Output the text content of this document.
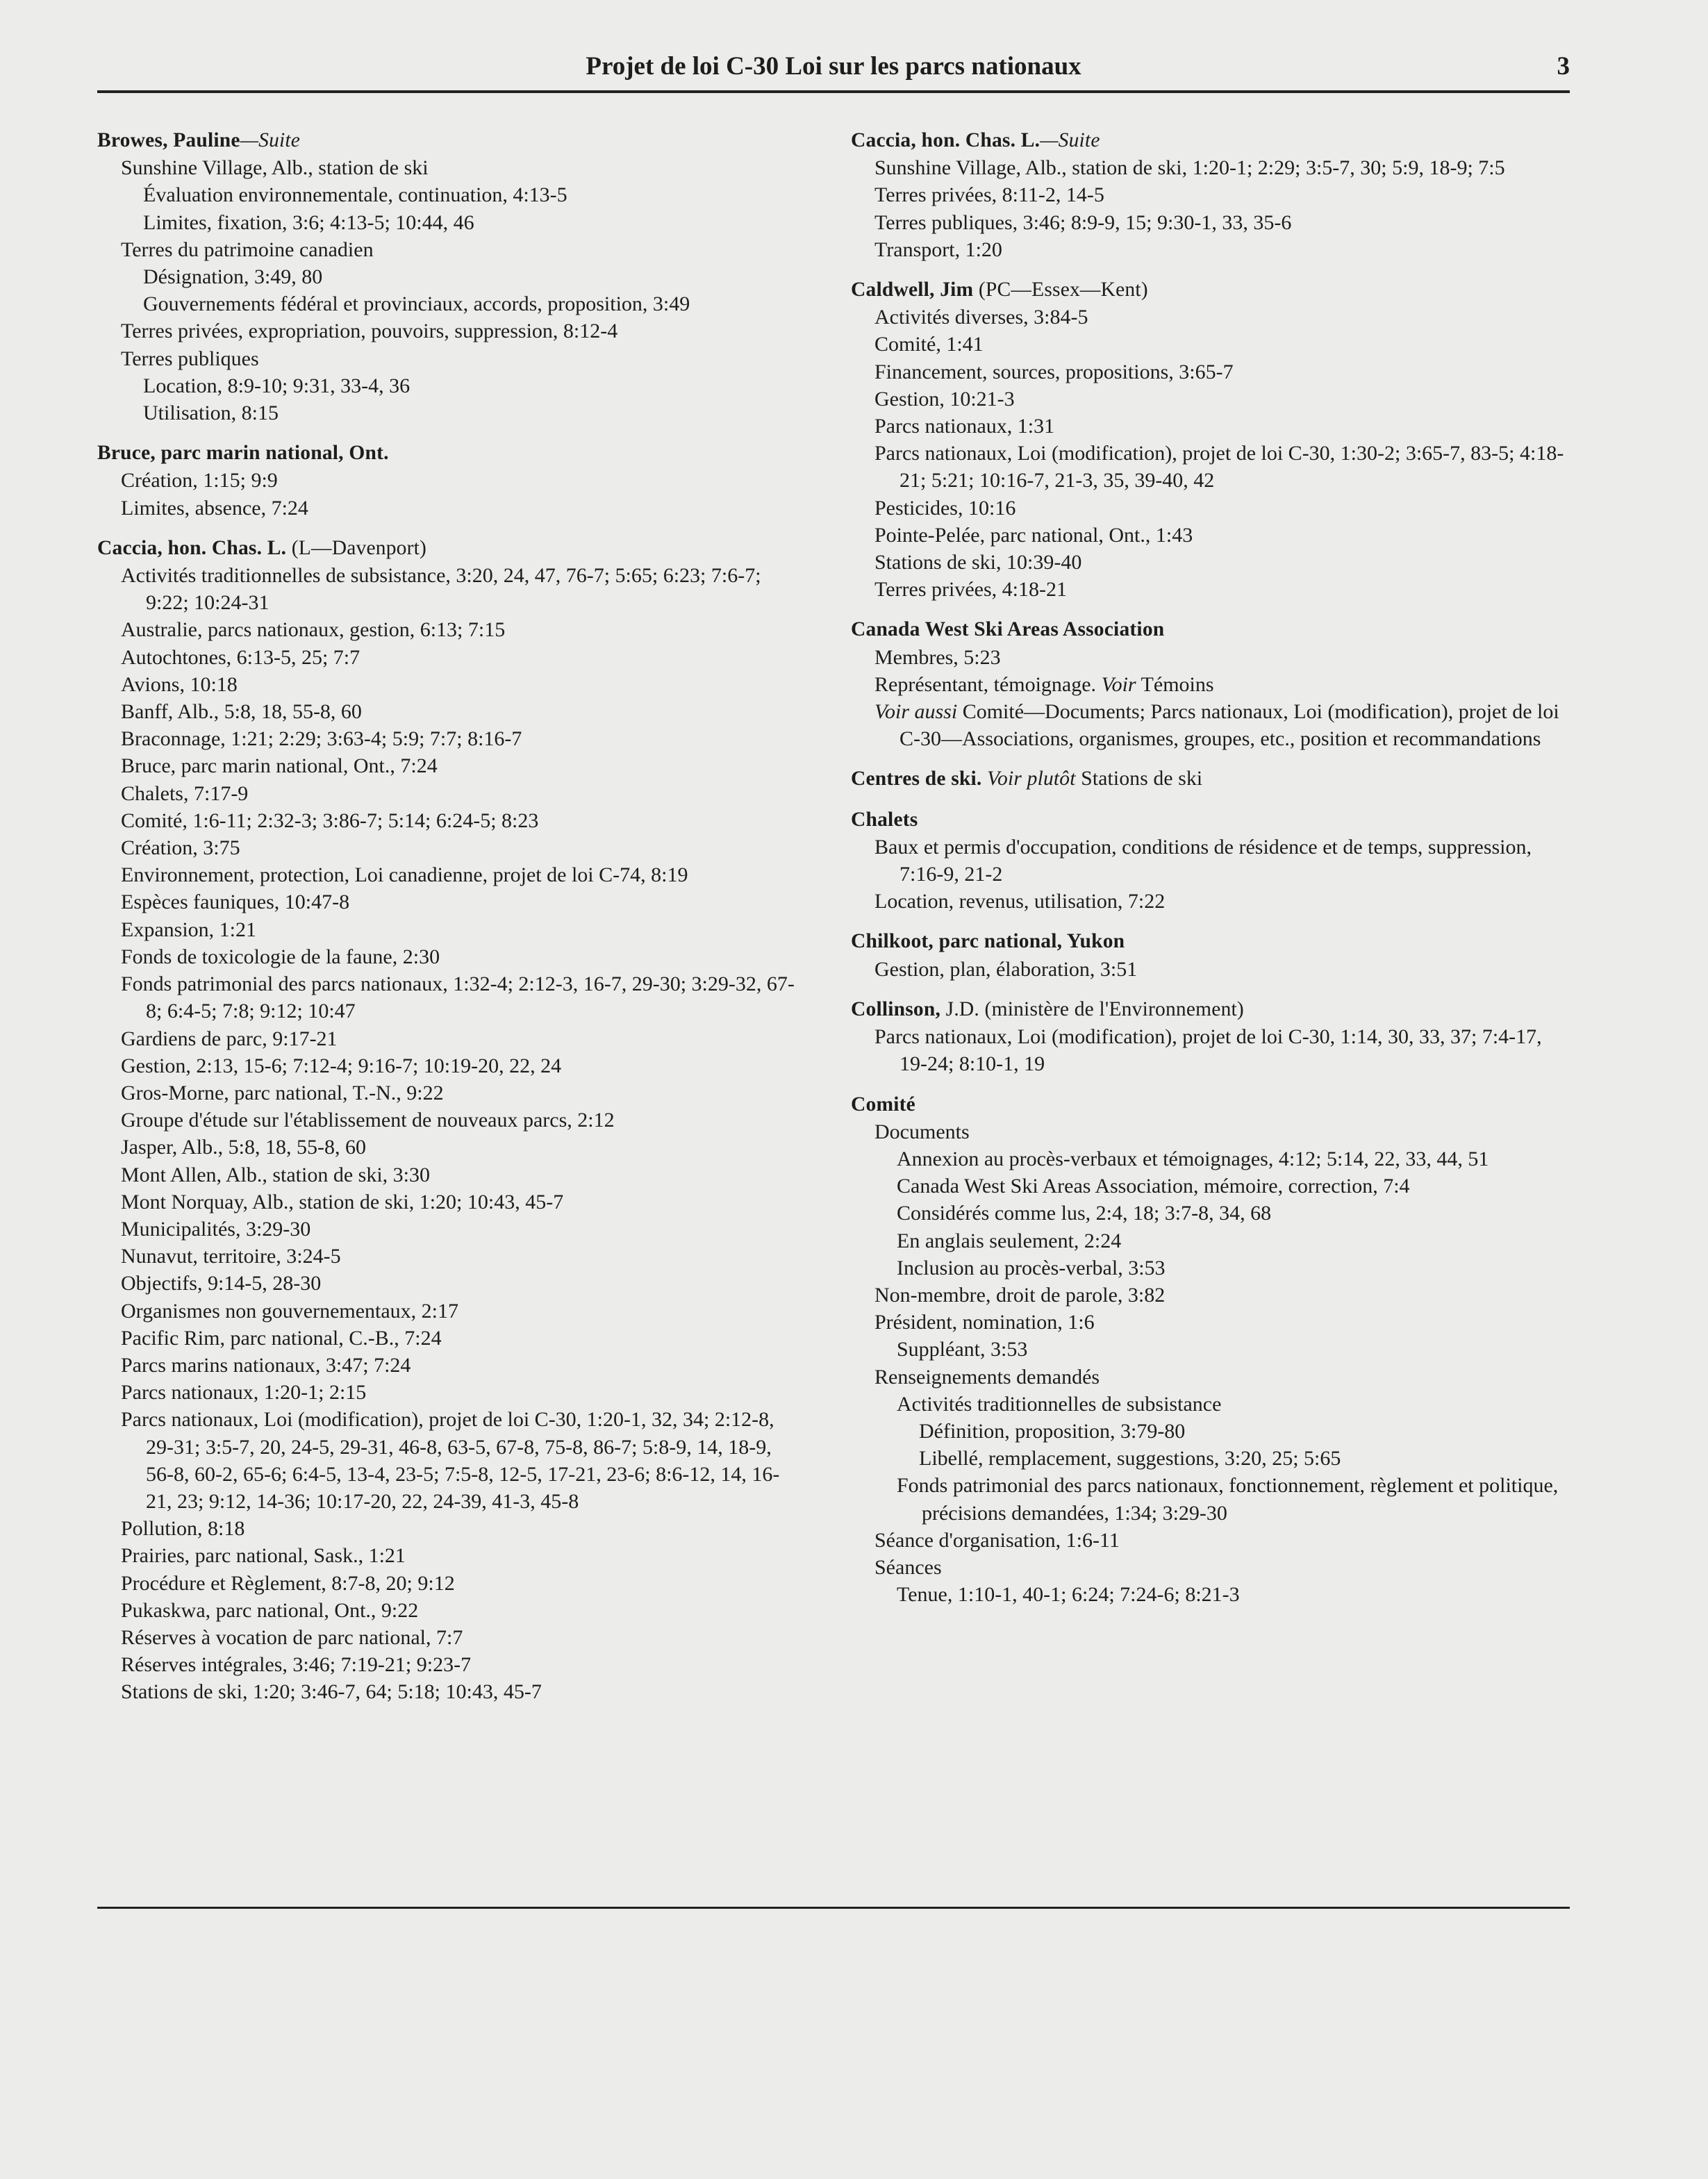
Projet de loi C-30 Loi sur les parcs nationaux	3
Browes, Pauline—Suite
Sunshine Village, Alb., station de ski
Évaluation environnementale, continuation, 4:13-5
Limites, fixation, 3:6; 4:13-5; 10:44, 46
Terres du patrimoine canadien
Désignation, 3:49, 80
Gouvernements fédéral et provinciaux, accords, proposition, 3:49
Terres privées, expropriation, pouvoirs, suppression, 8:12-4
Terres publiques
Location, 8:9-10; 9:31, 33-4, 36
Utilisation, 8:15
Bruce, parc marin national, Ont.
Création, 1:15; 9:9
Limites, absence, 7:24
Caccia, hon. Chas. L. (L—Davenport)
Activités traditionnelles de subsistance, 3:20, 24, 47, 76-7; 5:65; 6:23; 7:6-7; 9:22; 10:24-31
Australie, parcs nationaux, gestion, 6:13; 7:15
Autochtones, 6:13-5, 25; 7:7
Avions, 10:18
Banff, Alb., 5:8, 18, 55-8, 60
Braconnage, 1:21; 2:29; 3:63-4; 5:9; 7:7; 8:16-7
Bruce, parc marin national, Ont., 7:24
Chalets, 7:17-9
Comité, 1:6-11; 2:32-3; 3:86-7; 5:14; 6:24-5; 8:23
Création, 3:75
Environnement, protection, Loi canadienne, projet de loi C-74, 8:19
Espèces fauniques, 10:47-8
Expansion, 1:21
Fonds de toxicologie de la faune, 2:30
Fonds patrimonial des parcs nationaux, 1:32-4; 2:12-3, 16-7, 29-30; 3:29-32, 67-8; 6:4-5; 7:8; 9:12; 10:47
Gardiens de parc, 9:17-21
Gestion, 2:13, 15-6; 7:12-4; 9:16-7; 10:19-20, 22, 24
Gros-Morne, parc national, T.-N., 9:22
Groupe d'étude sur l'établissement de nouveaux parcs, 2:12
Jasper, Alb., 5:8, 18, 55-8, 60
Mont Allen, Alb., station de ski, 3:30
Mont Norquay, Alb., station de ski, 1:20; 10:43, 45-7
Municipalités, 3:29-30
Nunavut, territoire, 3:24-5
Objectifs, 9:14-5, 28-30
Organismes non gouvernementaux, 2:17
Pacific Rim, parc national, C.-B., 7:24
Parcs marins nationaux, 3:47; 7:24
Parcs nationaux, 1:20-1; 2:15
Parcs nationaux, Loi (modification), projet de loi C-30, 1:20-1, 32, 34; 2:12-8, 29-31; 3:5-7, 20, 24-5, 29-31, 46-8, 63-5, 67-8, 75-8, 86-7; 5:8-9, 14, 18-9, 56-8, 60-2, 65-6; 6:4-5, 13-4, 23-5; 7:5-8, 12-5, 17-21, 23-6; 8:6-12, 14, 16-21, 23; 9:12, 14-36; 10:17-20, 22, 24-39, 41-3, 45-8
Pollution, 8:18
Prairies, parc national, Sask., 1:21
Procédure et Règlement, 8:7-8, 20; 9:12
Pukaskwa, parc national, Ont., 9:22
Réserves à vocation de parc national, 7:7
Réserves intégrales, 3:46; 7:19-21; 9:23-7
Stations de ski, 1:20; 3:46-7, 64; 5:18; 10:43, 45-7
Caccia, hon. Chas. L.—Suite
Sunshine Village, Alb., station de ski, 1:20-1; 2:29; 3:5-7, 30; 5:9, 18-9; 7:5
Terres privées, 8:11-2, 14-5
Terres publiques, 3:46; 8:9-9, 15; 9:30-1, 33, 35-6
Transport, 1:20
Caldwell, Jim (PC—Essex—Kent)
Activités diverses, 3:84-5
Comité, 1:41
Financement, sources, propositions, 3:65-7
Gestion, 10:21-3
Parcs nationaux, 1:31
Parcs nationaux, Loi (modification), projet de loi C-30, 1:30-2; 3:65-7, 83-5; 4:18-21; 5:21; 10:16-7, 21-3, 35, 39-40, 42
Pesticides, 10:16
Pointe-Pelée, parc national, Ont., 1:43
Stations de ski, 10:39-40
Terres privées, 4:18-21
Canada West Ski Areas Association
Membres, 5:23
Représentant, témoignage. Voir Témoins
Voir aussi Comité—Documents; Parcs nationaux, Loi (modification), projet de loi C-30—Associations, organismes, groupes, etc., position et recommandations
Centres de ski. Voir plutôt Stations de ski
Chalets
Baux et permis d'occupation, conditions de résidence et de temps, suppression, 7:16-9, 21-2
Location, revenus, utilisation, 7:22
Chilkoot, parc national, Yukon
Gestion, plan, élaboration, 3:51
Collinson, J.D. (ministère de l'Environnement)
Parcs nationaux, Loi (modification), projet de loi C-30, 1:14, 30, 33, 37; 7:4-17, 19-24; 8:10-1, 19
Comité
Documents
Annexion au procès-verbaux et témoignages, 4:12; 5:14, 22, 33, 44, 51
Canada West Ski Areas Association, mémoire, correction, 7:4
Considérés comme lus, 2:4, 18; 3:7-8, 34, 68
En anglais seulement, 2:24
Inclusion au procès-verbal, 3:53
Non-membre, droit de parole, 3:82
Président, nomination, 1:6
Suppléant, 3:53
Renseignements demandés
Activités traditionnelles de subsistance
Définition, proposition, 3:79-80
Libellé, remplacement, suggestions, 3:20, 25; 5:65
Fonds patrimonial des parcs nationaux, fonctionnement, règlement et politique, précisions demandées, 1:34; 3:29-30
Séance d'organisation, 1:6-11
Séances
Tenue, 1:10-1, 40-1; 6:24; 7:24-6; 8:21-3
